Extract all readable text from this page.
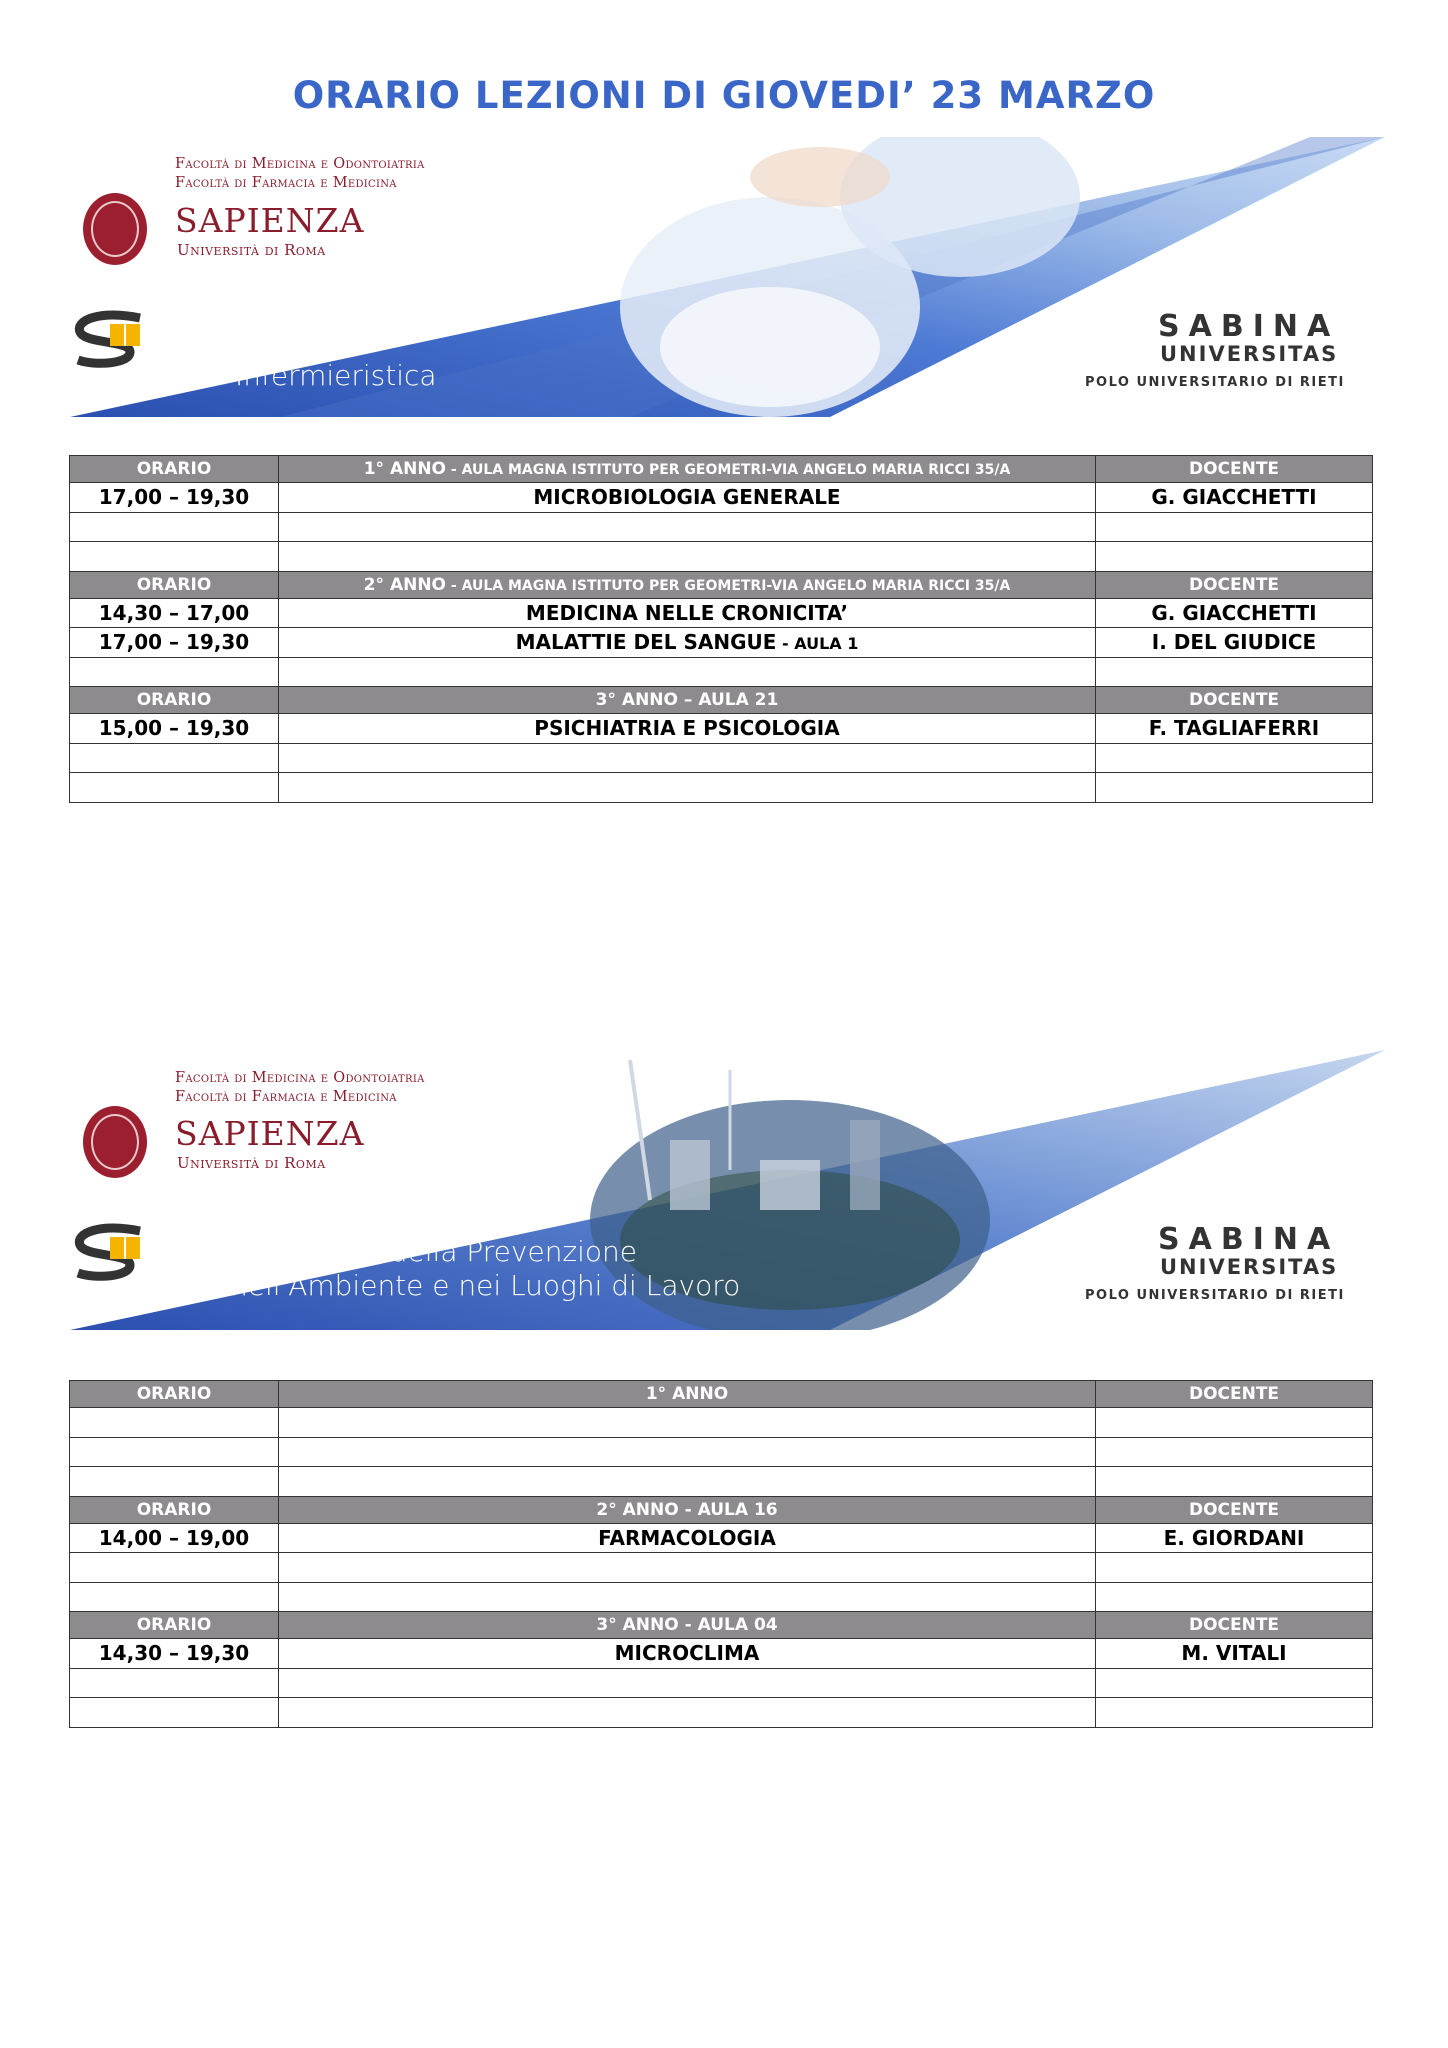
ORARIO LEZIONI DI GIOVEDI’ 23 MARZO
Facoltà di Medicina e Odontoiatria
Facoltà di Farmacia e Medicina
SAPIENZA
Università di Roma
Infermieristica
SABINA
UNIVERSITAS
POLO UNIVERSITARIO DI RIETI
ORARIO	1° ANNO - AULA MAGNA ISTITUTO PER GEOMETRI-VIA ANGELO MARIA RICCI 35/A	DOCENTE
17,00 – 19,30	MICROBIOLOGIA GENERALE	G. GIACCHETTI

ORARIO	2° ANNO - AULA MAGNA ISTITUTO PER GEOMETRI-VIA ANGELO MARIA RICCI 35/A	DOCENTE
14,30 – 17,00	MEDICINA NELLE CRONICITA’	G. GIACCHETTI
17,00 – 19,30	MALATTIE DEL SANGUE - AULA 1	I. DEL GIUDICE

ORARIO	3° ANNO – AULA 21	DOCENTE
15,00 – 19,30	PSICHIATRIA E PSICOLOGIA	F. TAGLIAFERRI

Facoltà di Medicina e Odontoiatria
Facoltà di Farmacia e Medicina
SAPIENZA
Università di Roma
Tecniche della Prevenzione
nell'Ambiente e nei Luoghi di Lavoro
SABINA
UNIVERSITAS
POLO UNIVERSITARIO DI RIETI
ORARIO	1° ANNO	DOCENTE

ORARIO	2° ANNO - AULA 16	DOCENTE
14,00 – 19,00	FARMACOLOGIA	E. GIORDANI

ORARIO	3° ANNO - AULA 04	DOCENTE
14,30 – 19,30	MICROCLIMA	M. VITALI
